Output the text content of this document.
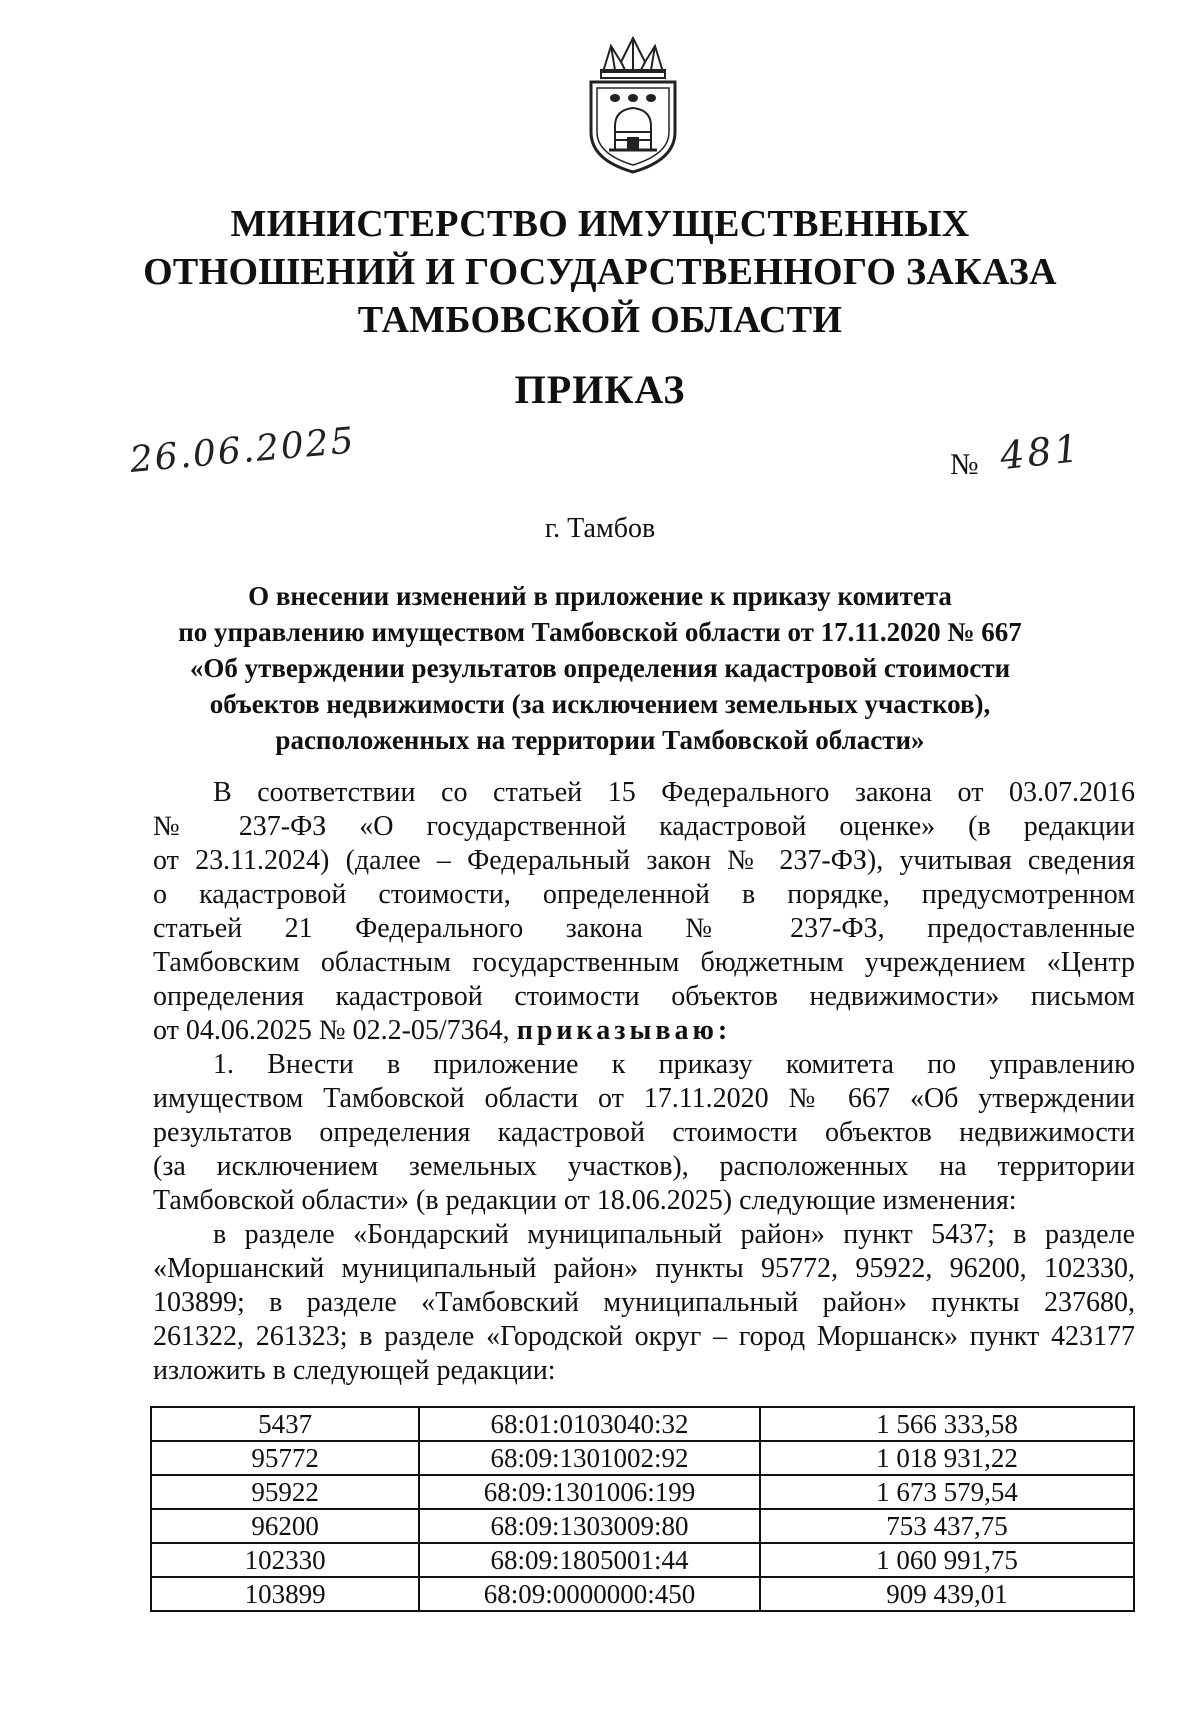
МИНИСТЕРСТВО ИМУЩЕСТВЕННЫХ
ОТНОШЕНИЙ И ГОСУДАРСТВЕННОГО ЗАКАЗА
ТАМБОВСКОЙ ОБЛАСТИ
ПРИКАЗ
26.06.2025	№ 481
г. Тамбов
О внесении изменений в приложение к приказу комитета
по управлению имуществом Тамбовской области от 17.11.2020 № 667
«Об утверждении результатов определения кадастровой стоимости
объектов недвижимости (за исключением земельных участков),
расположенных на территории Тамбовской области»
В соответствии со статьей 15 Федерального закона от 03.07.2016
№ 237-ФЗ «О государственной кадастровой оценке» (в редакции
от 23.11.2024) (далее – Федеральный закон № 237-ФЗ), учитывая сведения
о кадастровой стоимости, определенной в порядке, предусмотренном
статьей 21 Федерального закона № 237-ФЗ, предоставленные
Тамбовским областным государственным бюджетным учреждением «Центр
определения кадастровой стоимости объектов недвижимости» письмом
от 04.06.2025 № 02.2-05/7364, приказываю:
1. Внести в приложение к приказу комитета по управлению
имуществом Тамбовской области от 17.11.2020 № 667 «Об утверждении
результатов определения кадастровой стоимости объектов недвижимости
(за исключением земельных участков), расположенных на территории
Тамбовской области» (в редакции от 18.06.2025) следующие изменения:
в разделе «Бондарский муниципальный район» пункт 5437; в разделе
«Моршанский муниципальный район» пункты 95772, 95922, 96200, 102330,
103899; в разделе «Тамбовский муниципальный район» пункты 237680,
261322, 261323; в разделе «Городской округ – город Моршанск» пункт 423177
изложить в следующей редакции:
5437	68:01:0103040:32	1 566 333,58
95772	68:09:1301002:92	1 018 931,22
95922	68:09:1301006:199	1 673 579,54
96200	68:09:1303009:80	753 437,75
102330	68:09:1805001:44	1 060 991,75
103899	68:09:0000000:450	909 439,01
